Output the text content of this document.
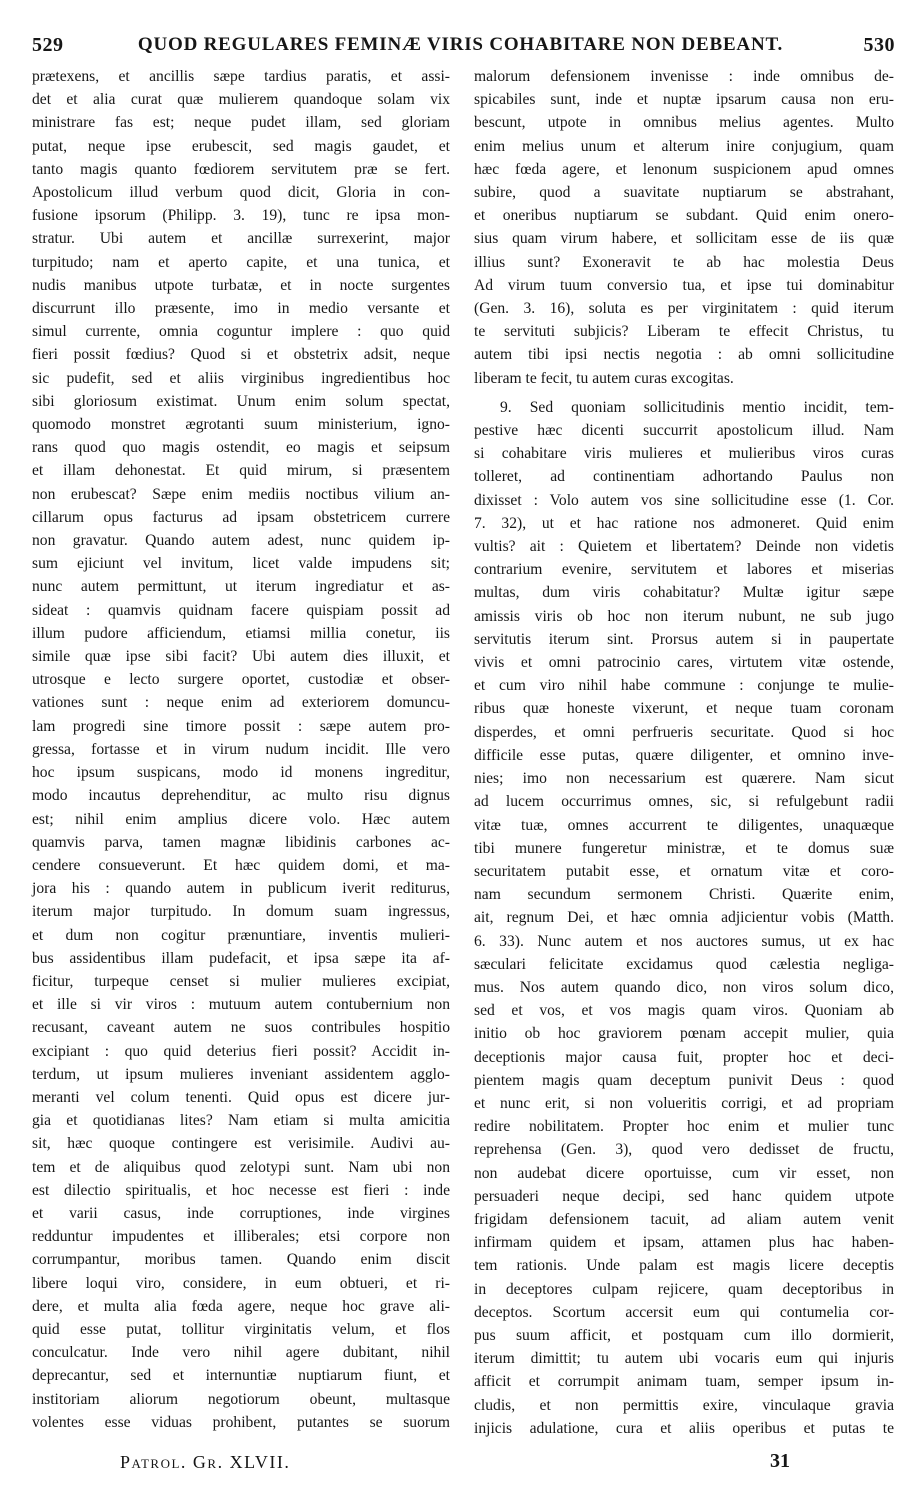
529	QUOD REGULARES FEMINÆ VIRIS COHABITARE NON DEBEANT.	530

prætexens, et ancillis sæpe tardius paratis, et assi-

det et alia curat quæ mulierem quandoque solam vix

ministrare fas est; neque pudet illam, sed gloriam

putat, neque ipse erubescit, sed magis gaudet, et

tanto magis quanto fœdiorem servitutem præ se fert.

Apostolicum illud verbum quod dicit, Gloria in con-

fusione ipsorum (Philipp. 3. 19), tunc re ipsa mon-

stratur. Ubi autem et ancillæ surrexerint, major

turpitudo; nam et aperto capite, et una tunica, et

nudis manibus utpote turbatæ, et in nocte surgentes

discurrunt illo præsente, imo in medio versante et

simul currente, omnia coguntur implere : quo quid

fieri possit fœdius? Quod si et obstetrix adsit, neque

sic pudefit, sed et aliis virginibus ingredientibus hoc

sibi gloriosum existimat. Unum enim solum spectat,

quomodo monstret ægrotanti suum ministerium, igno-

rans quod quo magis ostendit, eo magis et seipsum

et illam dehonestat. Et quid mirum, si præsentem

non erubescat? Sæpe enim mediis noctibus vilium an-

cillarum opus facturus ad ipsam obstetricem currere

non gravatur. Quando autem adest, nunc quidem ip-

sum ejiciunt vel invitum, licet valde impudens sit;

nunc autem permittunt, ut iterum ingrediatur et as-

sideat : quamvis quidnam facere quispiam possit ad

illum pudore afficiendum, etiamsi millia conetur, iis

simile quæ ipse sibi facit? Ubi autem dies illuxit, et

utrosque e lecto surgere oportet, custodiæ et obser-

vationes sunt : neque enim ad exteriorem domuncu-

lam progredi sine timore possit : sæpe autem pro-

gressa, fortasse et in virum nudum incidit. Ille vero

hoc ipsum suspicans, modo id monens ingreditur,

modo incautus deprehenditur, ac multo risu dignus

est; nihil enim amplius dicere volo. Hæc autem

quamvis parva, tamen magnæ libidinis carbones ac-

cendere consueverunt. Et hæc quidem domi, et ma-

jora his : quando autem in publicum iverit rediturus,

iterum major turpitudo. In domum suam ingressus,

et dum non cogitur prænuntiare, inventis mulieri-

bus assidentibus illam pudefacit, et ipsa sæpe ita af-

ficitur, turpeque censet si mulier mulieres excipiat,

et ille si vir viros : mutuum autem contubernium non

recusant, caveant autem ne suos contribules hospitio

excipiant : quo quid deterius fieri possit? Accidit in-

terdum, ut ipsum mulieres inveniant assidentem agglo-

meranti vel colum tenenti. Quid opus est dicere jur-

gia et quotidianas lites? Nam etiam si multa amicitia

sit, hæc quoque contingere est verisimile. Audivi au-

tem et de aliquibus quod zelotypi sunt. Nam ubi non

est dilectio spiritualis, et hoc necesse est fieri : inde

et varii casus, inde corruptiones, inde virgines

redduntur impudentes et illiberales; etsi corpore non

corrumpantur, moribus tamen. Quando enim discit

libere loqui viro, considere, in eum obtueri, et ri-

dere, et multa alia fœda agere, neque hoc grave ali-

quid esse putat, tollitur virginitatis velum, et flos

conculcatur. Inde vero nihil agere dubitant, nihil

deprecantur, sed et internuntiæ nuptiarum fiunt, et

institoriam aliorum negotiorum obeunt, multasque

volentes esse viduas prohibent, putantes se suorum

malorum defensionem invenisse : inde omnibus de-

spicabiles sunt, inde et nuptæ ipsarum causa non eru-

bescunt, utpote in omnibus melius agentes. Multo

enim melius unum et alterum inire conjugium, quam

hæc fœda agere, et lenonum suspicionem apud omnes

subire, quod a suavitate nuptiarum se abstrahant,

et oneribus nuptiarum se subdant. Quid enim onero-

sius quam virum habere, et sollicitam esse de iis quæ

illius sunt? Exoneravit te ab hac molestia Deus

Ad virum tuum conversio tua, et ipse tui dominabitur

(Gen. 3. 16), soluta es per virginitatem : quid iterum

te servituti subjicis? Liberam te effecit Christus, tu

autem tibi ipsi nectis negotia : ab omni sollicitudine

liberam te fecit, tu autem curas excogitas.

9. Sed quoniam sollicitudinis mentio incidit, tem-

pestive hæc dicenti succurrit apostolicum illud. Nam

si cohabitare viris mulieres et mulieribus viros curas

tolleret, ad continentiam adhortando Paulus non

dixisset : Volo autem vos sine sollicitudine esse (1. Cor.

7. 32), ut et hac ratione nos admoneret. Quid enim

vultis? ait : Quietem et libertatem? Deinde non videtis

contrarium evenire, servitutem et labores et miserias

multas, dum viris cohabitatur? Multæ igitur sæpe

amissis viris ob hoc non iterum nubunt, ne sub jugo

servitutis iterum sint. Prorsus autem si in paupertate

vivis et omni patrocinio cares, virtutem vitæ ostende,

et cum viro nihil habe commune : conjunge te mulie-

ribus quæ honeste vixerunt, et neque tuam coronam

disperdes, et omni perfrueris securitate. Quod si hoc

difficile esse putas, quære diligenter, et omnino inve-

nies; imo non necessarium est quærere. Nam sicut

ad lucem occurrimus omnes, sic, si refulgebunt radii

vitæ tuæ, omnes accurrent te diligentes, unaquæque

tibi munere fungeretur ministræ, et te domus suæ

securitatem putabit esse, et ornatum vitæ et coro-

nam secundum sermonem Christi. Quærite enim,

ait, regnum Dei, et hæc omnia adjicientur vobis (Matth.

6. 33). Nunc autem et nos auctores sumus, ut ex hac

sæculari felicitate excidamus quod cælestia negliga-

mus. Nos autem quando dico, non viros solum dico,

sed et vos, et vos magis quam viros. Quoniam ab

initio ob hoc graviorem pœnam accepit mulier, quia

deceptionis major causa fuit, propter hoc et deci-

pientem magis quam deceptum punivit Deus : quod

et nunc erit, si non volueritis corrigi, et ad propriam

redire nobilitatem. Propter hoc enim et mulier tunc

reprehensa (Gen. 3), quod vero dedisset de fructu,

non audebat dicere oportuisse, cum vir esset, non

persuaderi neque decipi, sed hanc quidem utpote

frigidam defensionem tacuit, ad aliam autem venit

infirmam quidem et ipsam, attamen plus hac haben-

tem rationis. Unde palam est magis licere deceptis

in deceptores culpam rejicere, quam deceptoribus in

deceptos. Scortum accersit eum qui contumelia cor-

pus suum afficit, et postquam cum illo dormierit,

iterum dimittit; tu autem ubi vocaris eum qui injuris

afficit et corrumpit animam tuam, semper ipsum in-

cludis, et non permittis exire, vinculaque gravia

injicis adulatione, cura et aliis operibus et putas te

Patrol. Gr. XLVII.	31
